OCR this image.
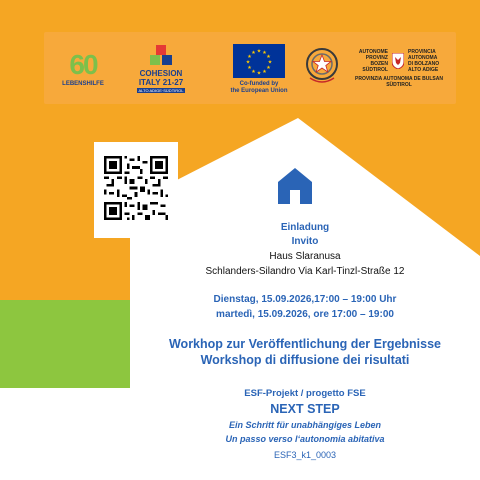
60
LEBENSHILFE
COHESION
ITALY 21-27
ALTO ADIGE·SÜDTIROL
★ ★
★
★
★
★
★
★
★
★
★
★
Co-funded by
the European Union
AUTONOME
PROVINZ
BOZEN
SÜDTIROL
PROVINCIA
AUTONOMA
DI BOLZANO
ALTO ADIGE
PROVINZIA AUTONOMA DE BULSAN
SÜDTIROL
Einladung
Invito
Haus Slaranusa
Schlanders-Silandro Via Karl-Tinzl-Straße 12
Dienstag, 15.09.2026,17:00 – 19:00 Uhr
martedì, 15.09.2026, ore 17:00 – 19:00
Workhop zur Veröffentlichung der Ergebnisse
Workshop di diffusione dei risultati
ESF-Projekt / progetto FSE
NEXT STEP
Ein Schritt für unabhängiges Leben
Un passo verso l‘autonomia abitativa
ESF3_k1_0003
